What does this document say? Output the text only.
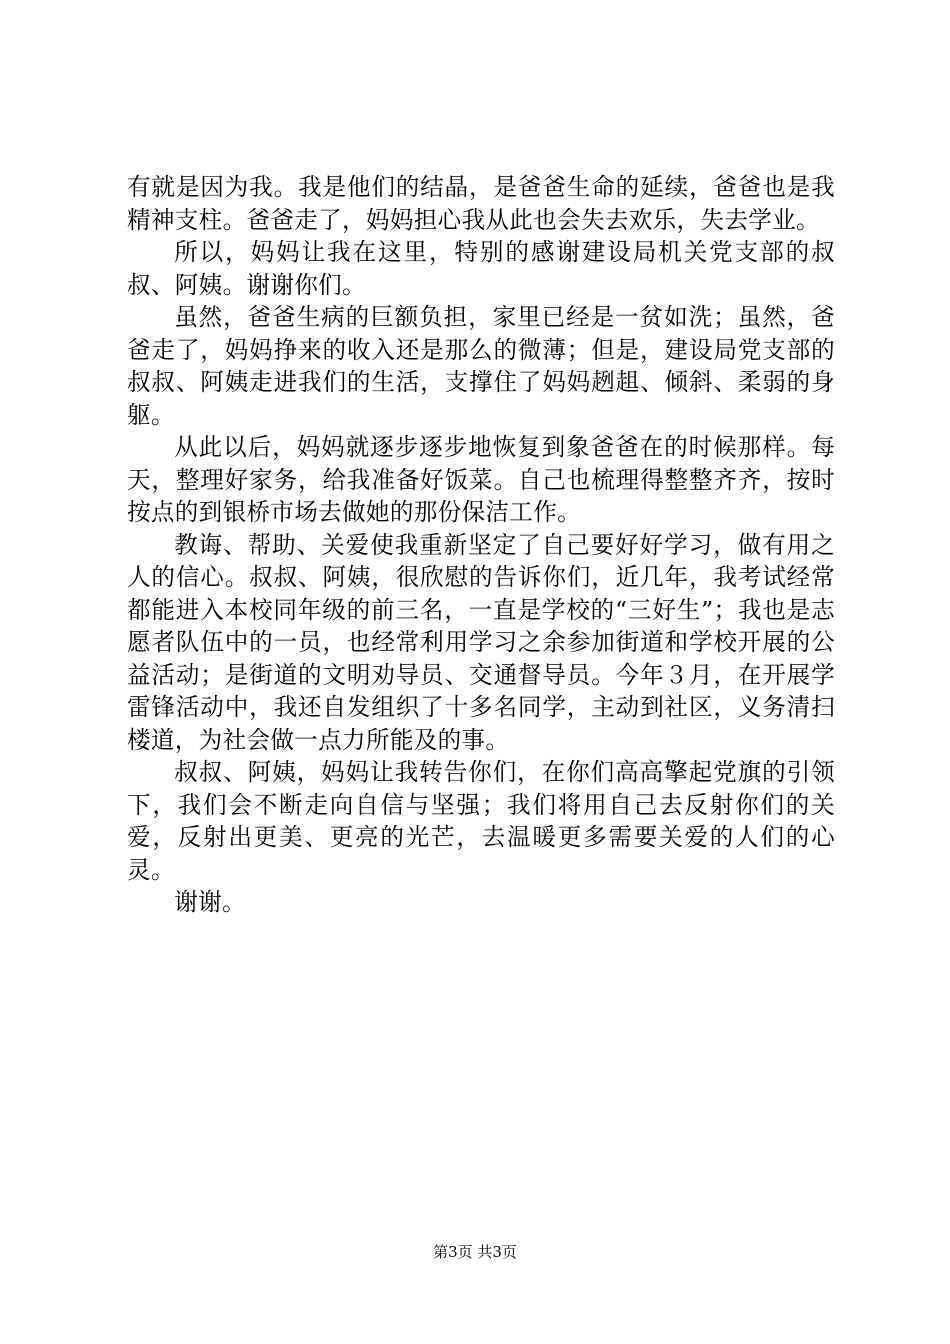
有就是因为我。我是他们的结晶，是爸爸生命的延续，爸爸也是我精神支柱。爸爸走了，妈妈担心我从此也会失去欢乐，失去学业。

所以，妈妈让我在这里，特别的感谢建设局机关党支部的叔叔、阿姨。谢谢你们。

虽然，爸爸生病的巨额负担，家里已经是一贫如洗；虽然，爸爸走了，妈妈挣来的收入还是那么的微薄；但是，建设局党支部的叔叔、阿姨走进我们的生活，支撑住了妈妈趔趄、倾斜、柔弱的身躯。

从此以后，妈妈就逐步逐步地恢复到象爸爸在的时候那样。每天，整理好家务，给我准备好饭菜。自己也梳理得整整齐齐，按时按点的到银桥市场去做她的那份保洁工作。

教诲、帮助、关爱使我重新坚定了自己要好好学习，做有用之人的信心。叔叔、阿姨，很欣慰的告诉你们，近几年，我考试经常都能进入本校同年级的前三名，一直是学校的“三好生”；我也是志愿者队伍中的一员，也经常利用学习之余参加街道和学校开展的公益活动；是街道的文明劝导员、交通督导员。今年３月，在开展学雷锋活动中，我还自发组织了十多名同学，主动到社区，义务清扫楼道，为社会做一点力所能及的事。

叔叔、阿姨，妈妈让我转告你们，在你们高高擎起党旗的引领下，我们会不断走向自信与坚强；我们将用自己去反射你们的关爱，反射出更美、更亮的光芒，去温暖更多需要关爱的人们的心灵。

谢谢。

第3页 共3页
